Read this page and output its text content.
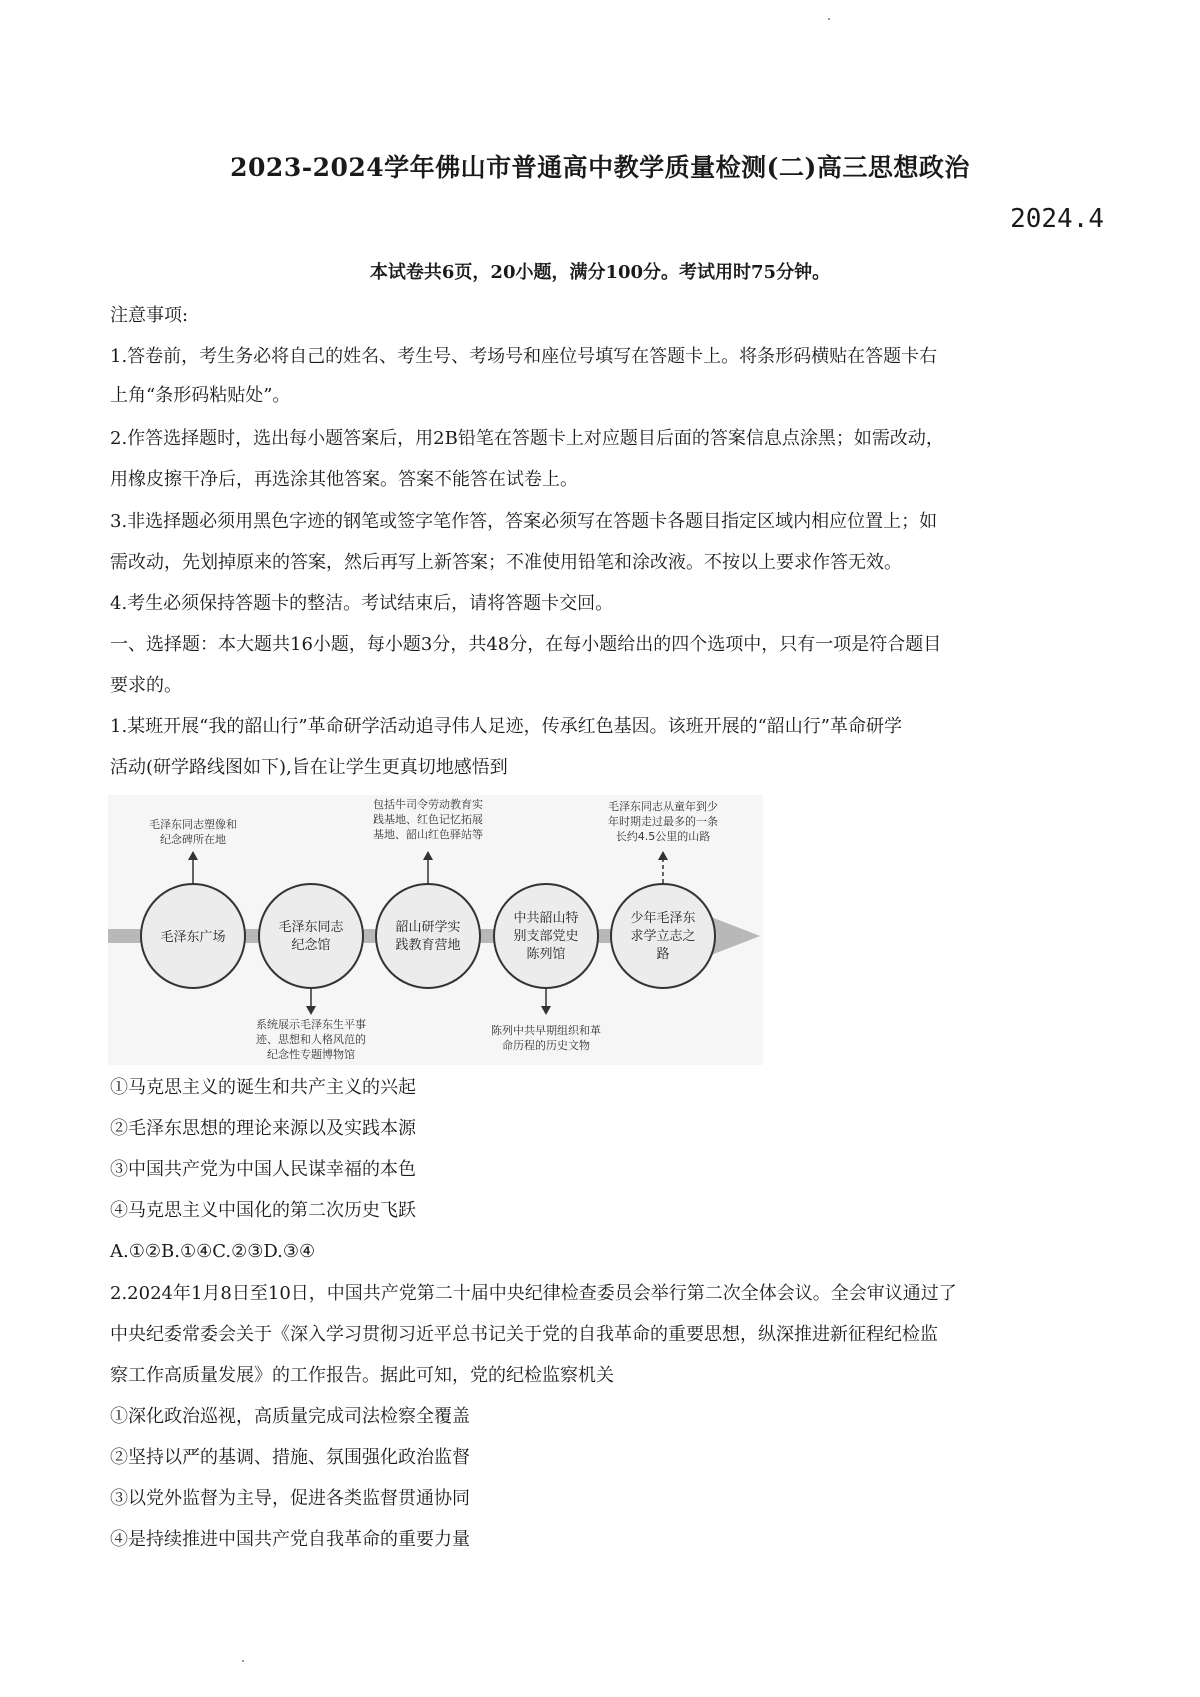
2023-2024学年佛山市普通高中教学质量检测(二)高三思想政治
2024.4
本试卷共6页，20小题，满分100分。考试用时75分钟。
注意事项:
1.答卷前，考生务必将自己的姓名、考生号、考场号和座位号填写在答题卡上。将条形码横贴在答题卡右
上角“条形码粘贴处”。
2.作答选择题时，选出每小题答案后，用2B铅笔在答题卡上对应题目后面的答案信息点涂黑；如需改动，
用橡皮擦干净后，再选涂其他答案。答案不能答在试卷上。
3.非选择题必须用黑色字迹的钢笔或签字笔作答，答案必须写在答题卡各题目指定区域内相应位置上；如
需改动，先划掉原来的答案，然后再写上新答案；不准使用铅笔和涂改液。不按以上要求作答无效。
4.考生必须保持答题卡的整洁。考试结束后，请将答题卡交回。
一、选择题：本大题共16小题，每小题3分，共48分，在每小题给出的四个选项中，只有一项是符合题目
要求的。
1.某班开展“我的韶山行”革命研学活动追寻伟人足迹，传承红色基因。该班开展的“韶山行”革命研学
活动(研学路线图如下),旨在让学生更真切地感悟到
毛泽东广场
毛泽东同志
纪念馆
韶山研学实
践教育营地
中共韶山特
别支部党史
陈列馆
少年毛泽东
求学立志之
路
毛泽东同志塑像和
纪念碑所在地
包括牛司令劳动教育实
践基地、红色记忆拓展
基地、韶山红色驿站等
毛泽东同志从童年到少
年时期走过最多的一条
长约4.5公里的山路
系统展示毛泽东生平事
迹、思想和人格风范的
纪念性专题博物馆
陈列中共早期组织和革
命历程的历史文物
①马克思主义的诞生和共产主义的兴起
②毛泽东思想的理论来源以及实践本源
③中国共产党为中国人民谋幸福的本色
④马克思主义中国化的第二次历史飞跃
A.①②B.①④C.②③D.③④
2.2024年1月8日至10日，中国共产党第二十届中央纪律检查委员会举行第二次全体会议。全会审议通过了
中央纪委常委会关于《深入学习贯彻习近平总书记关于党的自我革命的重要思想，纵深推进新征程纪检监
察工作高质量发展》的工作报告。据此可知，党的纪检监察机关
①深化政治巡视，高质量完成司法检察全覆盖
②坚持以严的基调、措施、氛围强化政治监督
③以党外监督为主导，促进各类监督贯通协同
④是持续推进中国共产党自我革命的重要力量
